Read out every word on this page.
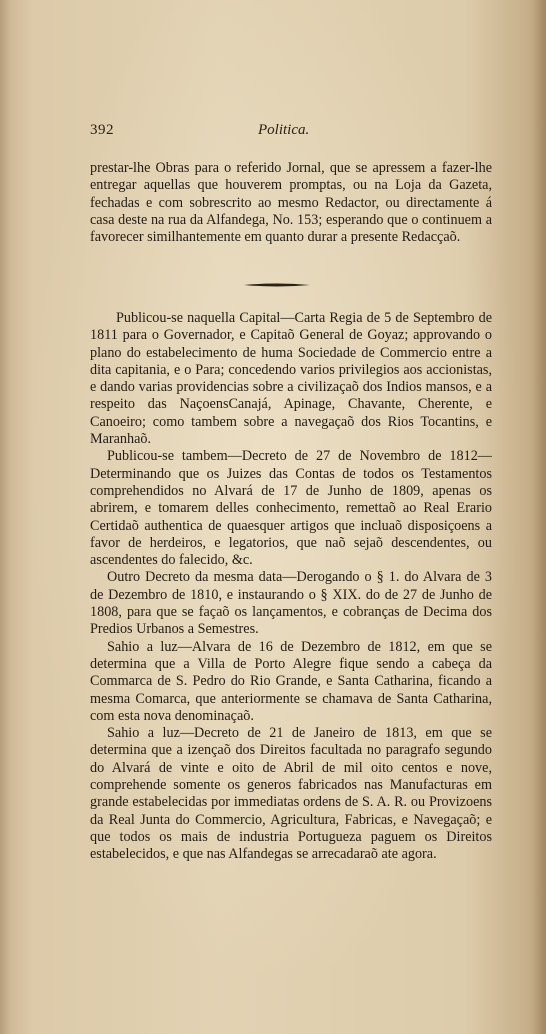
392	Politica.

prestar-lhe Obras para o referido Jornal, que se apressem a fazer-lhe entregar aquellas que houverem promptas, ou na Loja da Gazeta, fechadas e com sobrescrito ao mesmo Redactor, ou directamente á casa deste na rua da Alfandega, No. 153; esperando que o continuem a favorecer similhantemente em quanto durar a presente Redacçaõ.

Publicou-se naquella Capital—Carta Regia de 5 de Septembro de 1811 para o Governador, e Capitaõ General de Goyaz; approvando o plano do estabelecimento de huma Sociedade de Commercio entre a dita capitania, e o Para; concedendo varios privilegios aos accionistas, e dando varias providencias sobre a civilizaçaõ dos Indios mansos, e a respeito das NaçoensCanajá, Apinage, Chavante, Cherente, e Canoeiro; como tambem sobre a navegaçaõ dos Rios Tocantins, e Maranhaõ.

Publicou-se tambem—Decreto de 27 de Novembro de 1812—Determinando que os Juizes das Contas de todos os Testamentos comprehendidos no Alvará de 17 de Junho de 1809, apenas os abrirem, e tomarem delles conhecimento, remettaõ ao Real Erario Certidaõ authentica de quaesquer artigos que incluaõ disposiçoens a favor de herdeiros, e legatorios, que naõ sejaõ descendentes, ou ascendentes do falecido, &c.

Outro Decreto da mesma data—Derogando o § 1. do Alvara de 3 de Dezembro de 1810, e instaurando o § XIX. do de 27 de Junho de 1808, para que se façaõ os lançamentos, e cobranças de Decima dos Predios Urbanos a Semestres.

Sahio a luz—Alvara de 16 de Dezembro de 1812, em que se determina que a Villa de Porto Alegre fique sendo a cabeça da Commarca de S. Pedro do Rio Grande, e Santa Catharina, ficando a mesma Comarca, que anteriormente se chamava de Santa Catharina, com esta nova denominaçaõ.

Sahio a luz—Decreto de 21 de Janeiro de 1813, em que se determina que a izençaõ dos Direitos facultada no paragrafo segundo do Alvará de vinte e oito de Abril de mil oito centos e nove, comprehende somente os generos fabricados nas Manufacturas em grande estabelecidas por immediatas ordens de S. A. R. ou Provizoens da Real Junta do Commercio, Agricultura, Fabricas, e Navegaçaõ; e que todos os mais de industria Portugueza paguem os Direitos estabelecidos, e que nas Alfandegas se arrecadaraõ ate agora.
